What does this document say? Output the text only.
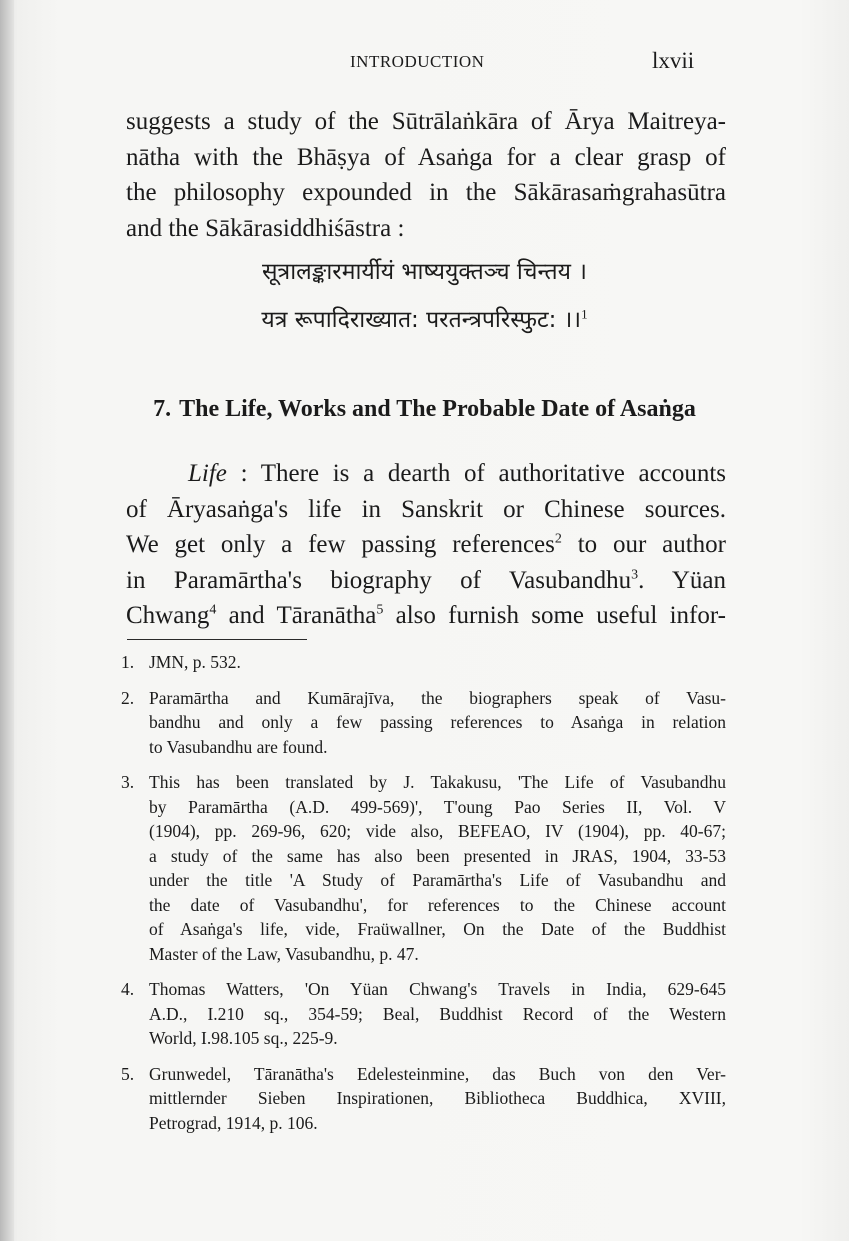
INTRODUCTION	lxvii
suggests a study of the Sūtrālaṅkāra of Ārya Maitreya-
nātha with the Bhāṣya of Asaṅga for a clear grasp of
the philosophy expounded in the Sākārasaṁgrahasūtra
and the Sākārasiddhiśāstra :
सूत्रालङ्कारमार्यीयं भाष्ययुक्तञ्च चिन्तय ।
यत्र रूपादिराख्यात: परतन्त्रपरिस्फुट: ।।$^1$
7. The Life, Works and The Probable Date of Asaṅga
Life : There is a dearth of authoritative accounts
of Āryasaṅga's life in Sanskrit or Chinese sources.
We get only a few passing references$^2$ to our author
in Paramārtha's biography of Vasubandhu$^3$. Yüan
Chwang$^4$ and Tāranātha$^5$ also furnish some useful infor-
1. JMN, p. 532.
2. Paramārtha and Kumārajīva, the biographers speak of Vasu-
bandhu and only a few passing references to Asaṅga in relation
to Vasubandhu are found.
3. This has been translated by J. Takakusu, 'The Life of Vasubandhu
by Paramārtha (A.D. 499-569)', T'oung Pao Series II, Vol. V
(1904), pp. 269-96, 620; vide also, BEFEAO, IV (1904), pp. 40-67;
a study of the same has also been presented in JRAS, 1904, 33-53
under the title 'A Study of Paramārtha's Life of Vasubandhu and
the date of Vasubandhu', for references to the Chinese account
of Asaṅga's life, vide, Fraüwallner, On the Date of the Buddhist
Master of the Law, Vasubandhu, p. 47.
4. Thomas Watters, 'On Yüan Chwang's Travels in India, 629-645
A.D., I.210 sq., 354-59; Beal, Buddhist Record of the Western
World, I.98.105 sq., 225-9.
5. Grunwedel, Tāranātha's Edelesteinmine, das Buch von den Ver-
mittlernder Sieben Inspirationen, Bibliotheca Buddhica, XVIII,
Petrograd, 1914, p. 106.
